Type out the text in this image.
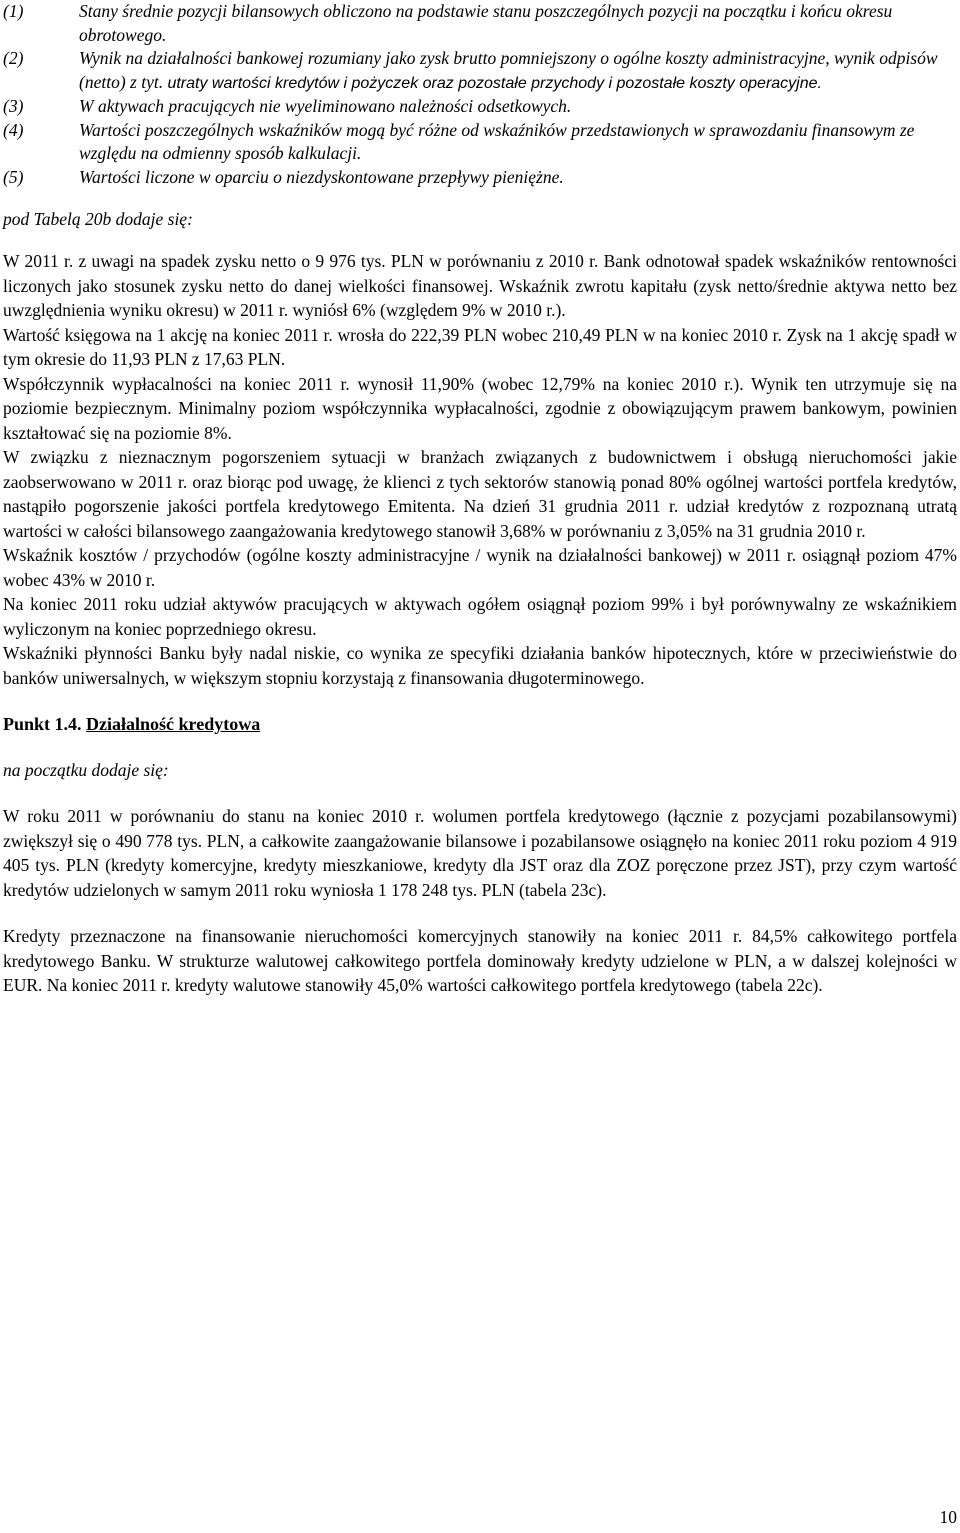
(1)	Stany średnie pozycji bilansowych obliczono na podstawie stanu poszczególnych pozycji na początku i końcu okresu obrotowego.
(2)	Wynik na działalności bankowej rozumiany jako zysk brutto pomniejszony o ogólne koszty administracyjne, wynik odpisów (netto) z tyt. utraty wartości kredytów i pożyczek oraz pozostałe przychody i pozostałe koszty operacyjne.
(3)	W aktywach pracujących nie wyeliminowano należności odsetkowych.
(4)	Wartości poszczególnych wskaźników mogą być różne od wskaźników przedstawionych w sprawozdaniu finansowym ze względu na odmienny sposób kalkulacji.
(5)	Wartości liczone w oparciu o niezdyskontowane przepływy pieniężne.

pod Tabelą 20b dodaje się:

W 2011 r. z uwagi na spadek zysku netto o 9 976 tys. PLN w porównaniu z 2010 r. Bank odnotował spadek wskaźników rentowności liczonych jako stosunek zysku netto do danej wielkości finansowej. Wskaźnik zwrotu kapitału (zysk netto/średnie aktywa netto bez uwzględnienia wyniku okresu) w 2011 r. wyniósł 6% (względem 9% w 2010 r.).

Wartość księgowa na 1 akcję na koniec 2011 r. wrosła do 222,39 PLN wobec 210,49 PLN w na koniec 2010 r. Zysk na 1 akcję spadł w tym okresie do 11,93 PLN z 17,63 PLN.

Współczynnik wypłacalności na koniec 2011 r. wynosił 11,90% (wobec 12,79% na koniec 2010 r.). Wynik ten utrzymuje się na poziomie bezpiecznym. Minimalny poziom współczynnika wypłacalności, zgodnie z obowiązującym prawem bankowym, powinien kształtować się na poziomie 8%.

W związku z nieznacznym pogorszeniem sytuacji w branżach związanych z budownictwem i obsługą nieruchomości jakie zaobserwowano w 2011 r. oraz biorąc pod uwagę, że klienci z tych sektorów stanowią ponad 80% ogólnej wartości portfela kredytów, nastąpiło pogorszenie jakości portfela kredytowego Emitenta. Na dzień 31 grudnia 2011 r. udział kredytów z rozpoznaną utratą wartości w całości bilansowego zaangażowania kredytowego stanowił 3,68% w porównaniu z 3,05% na 31 grudnia 2010 r.

Wskaźnik kosztów / przychodów (ogólne koszty administracyjne / wynik na działalności bankowej) w 2011 r. osiągnął poziom 47% wobec 43% w 2010 r.

Na koniec 2011 roku udział aktywów pracujących w aktywach ogółem osiągnął poziom 99% i był porównywalny ze wskaźnikiem wyliczonym na koniec poprzedniego okresu.

Wskaźniki płynności Banku były nadal niskie, co wynika ze specyfiki działania banków hipotecznych, które w przeciwieństwie do banków uniwersalnych, w większym stopniu korzystają z finansowania długoterminowego.

Punkt 1.4. Działalność kredytowa

na początku dodaje się:

W roku 2011 w porównaniu do stanu na koniec 2010 r. wolumen portfela kredytowego (łącznie z pozycjami pozabilansowymi) zwiększył się o 490 778 tys. PLN, a całkowite zaangażowanie bilansowe i pozabilansowe osiągnęło na koniec 2011 roku poziom 4 919 405 tys. PLN (kredyty komercyjne, kredyty mieszkaniowe, kredyty dla JST oraz dla ZOZ poręczone przez JST), przy czym wartość kredytów udzielonych w samym 2011 roku wyniosła 1 178 248 tys. PLN (tabela 23c).

Kredyty przeznaczone na finansowanie nieruchomości komercyjnych stanowiły na koniec 2011 r. 84,5% całkowitego portfela kredytowego Banku. W strukturze walutowej całkowitego portfela dominowały kredyty udzielone w PLN, a w dalszej kolejności w EUR. Na koniec 2011 r. kredyty walutowe stanowiły 45,0% wartości całkowitego portfela kredytowego (tabela 22c).

10
